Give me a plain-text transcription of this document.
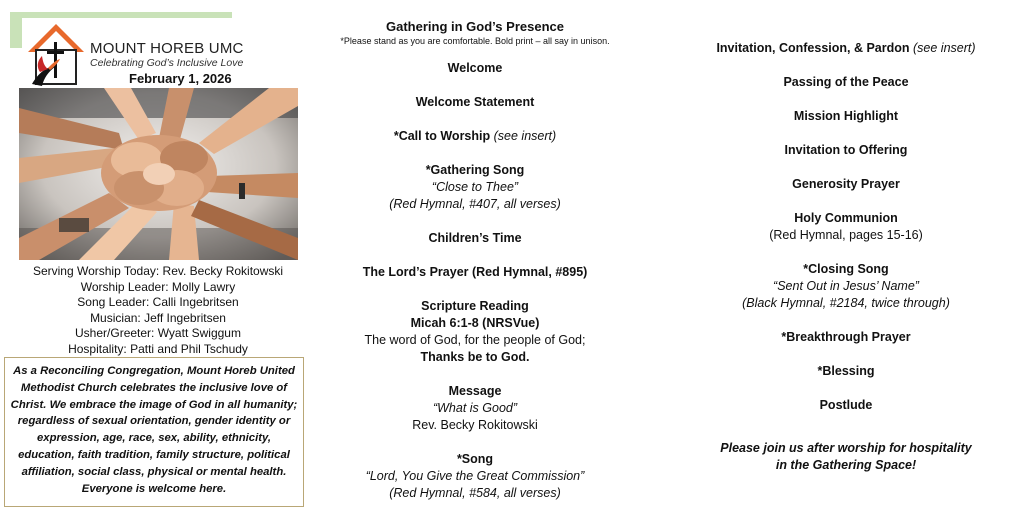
MOUNT HOREB UMC
Celebrating God’s Inclusive Love
February 1, 2026
Serving Worship Today: Rev. Becky Rokitowski
Worship Leader: Molly Lawry
Song Leader: Calli Ingebritsen
Musician: Jeff Ingebritsen
Usher/Greeter: Wyatt Swiggum
Hospitality: Patti and Phil Tschudy
As a Reconciling Congregation, Mount Horeb United Methodist Church celebrates the inclusive love of Christ. We embrace the image of God in all humanity; regardless of sexual orientation, gender identity or expression, age, race, sex, ability, ethnicity, education, faith tradition, family structure, political affiliation, social class, physical or mental health. Everyone is welcome here.
Gathering in God’s Presence
*Please stand as you are comfortable. Bold print – all say in unison.
Welcome
Welcome Statement
*Call to Worship (see insert)
*Gathering Song
“Close to Thee”
(Red Hymnal, #407, all verses)
Children’s Time
The Lord’s Prayer (Red Hymnal, #895)
Scripture Reading
Micah 6:1-8 (NRSVue)
The word of God, for the people of God;
Thanks be to God.
Message
“What is Good”
Rev. Becky Rokitowski
*Song
“Lord, You Give the Great Commission”
(Red Hymnal, #584, all verses)
Invitation, Confession, & Pardon (see insert)
Passing of the Peace
Mission Highlight
Invitation to Offering
Generosity Prayer
Holy Communion
(Red Hymnal, pages 15-16)
*Closing Song
“Sent Out in Jesus’ Name”
(Black Hymnal, #2184, twice through)
*Breakthrough Prayer
*Blessing
Postlude
Please join us after worship for hospitality
in the Gathering Space!
